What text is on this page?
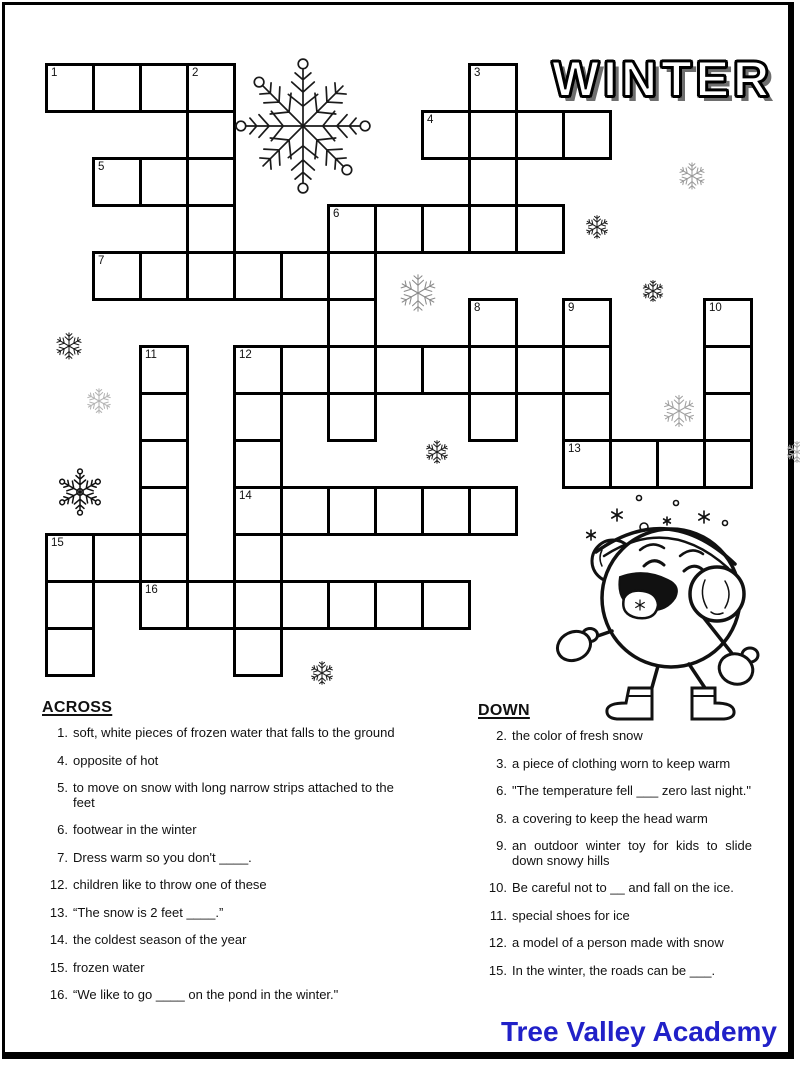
WINTER
1	2	3
4
5
6
7
8	9	10
11	12
13
14
15
16
ACROSS
1. soft, white pieces of frozen water that falls to the ground
4. opposite of hot
5. to move on snow with long narrow strips attached to the feet
6. footwear in the winter
7. Dress warm so you don't ____.
12. children like to throw one of these
13. “The snow is 2 feet ____.”
14. the coldest season of the year
15. frozen water
16. “We like to go ____ on the pond in the winter."
DOWN
2. the color of fresh snow
3. a piece of clothing worn to keep warm
6. "The temperature fell ___ zero last night."
8. a covering to keep the head warm
9. an outdoor winter toy for kids to slide down snowy hills
10. Be careful not to __ and fall on the ice.
11. special shoes for ice
12. a model of a person made with snow
15. In the winter, the roads can be ___.
Tree Valley Academy
